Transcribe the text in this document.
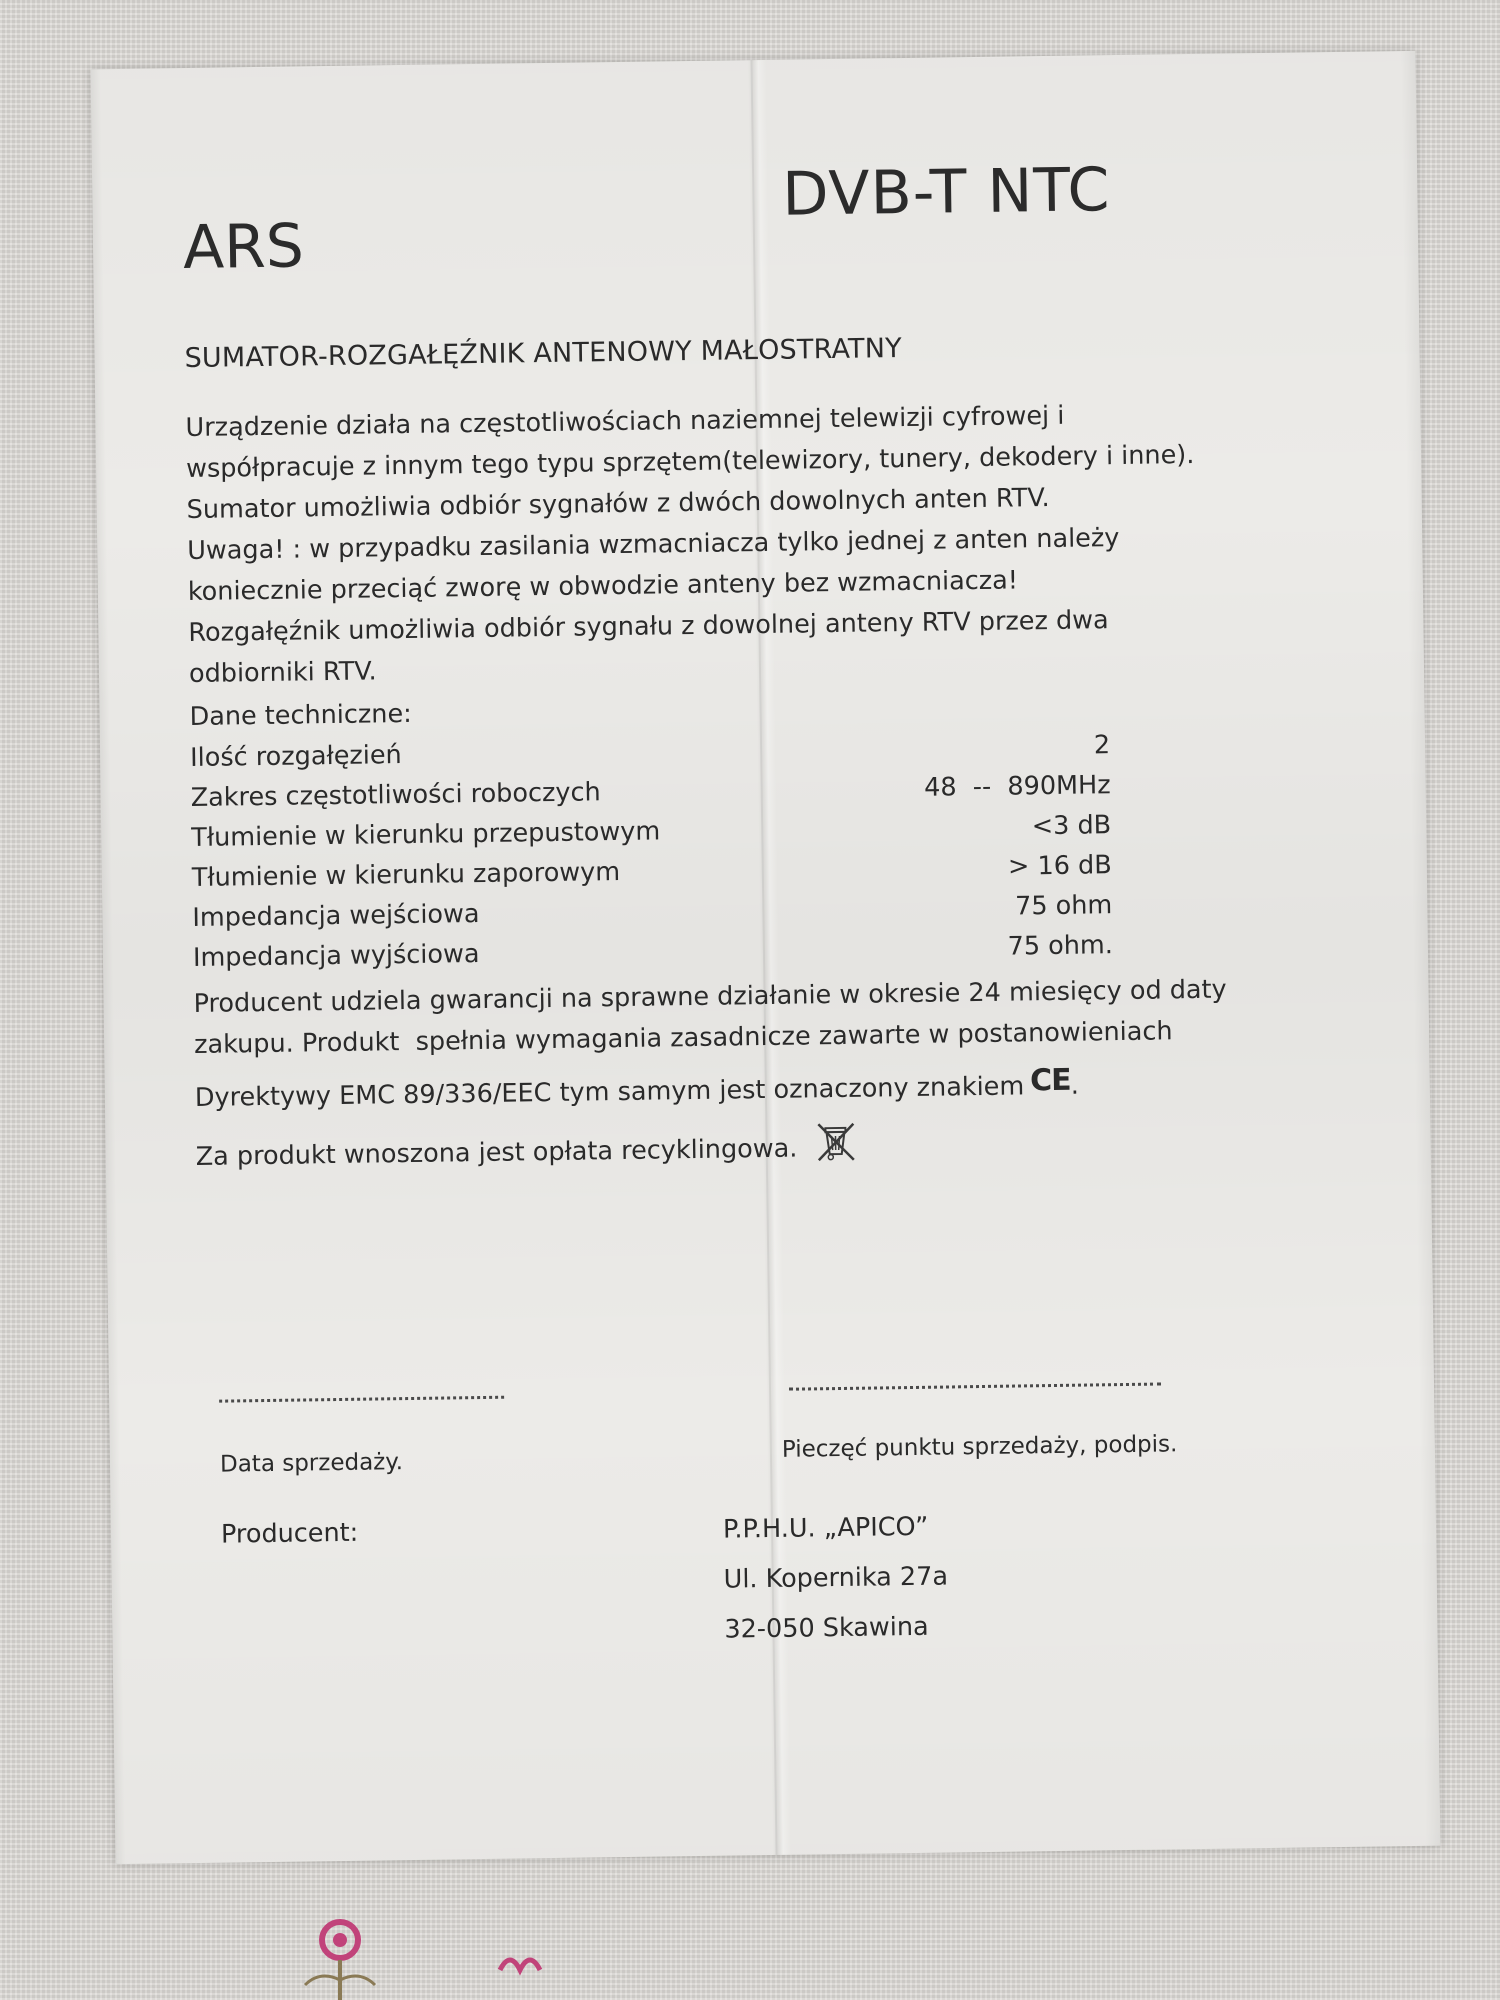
ARS
DVB-T NTC
SUMATOR-ROZGAŁĘŹNIK ANTENOWY MAŁOSTRATNY

Urządzenie działa na częstotliwościach naziemnej telewizji cyfrowej i

współpracuje z innym tego typu sprzętem(telewizory, tunery, dekodery i inne).

Sumator umożliwia odbiór sygnałów z dwóch dowolnych anten RTV.

Uwaga! : w przypadku zasilania wzmacniacza tylko jednej z anten należy

koniecznie przeciąć zworę w obwodzie anteny bez wzmacniacza!

Rozgałęźnik umożliwia odbiór sygnału z dowolnej anteny RTV przez dwa

odbiorniki RTV.

Dane techniczne:

Ilość rozgałęzień	2
Zakres częstotliwości roboczych	48  --  890MHz
Tłumienie w kierunku przepustowym	<3 dB
Tłumienie w kierunku zaporowym	> 16 dB
Impedancja wejściowa	75 ohm
Impedancja wyjściowa	75 ohm.

Producent udziela gwarancji na sprawne działanie w okresie 24 miesięcy od daty

zakupu. Produkt  spełnia wymagania zasadnicze zawarte w postanowieniach

Dyrektywy EMC 89/336/EEC tym samym jest oznaczony znakiem CE.

Za produkt wnoszona jest opłata recyklingowa.

Data sprzedaży.
Pieczęć punktu sprzedaży, podpis.
Producent:	P.P.H.U. „APICO”

Ul. Kopernika 27a

32-050 Skawina
